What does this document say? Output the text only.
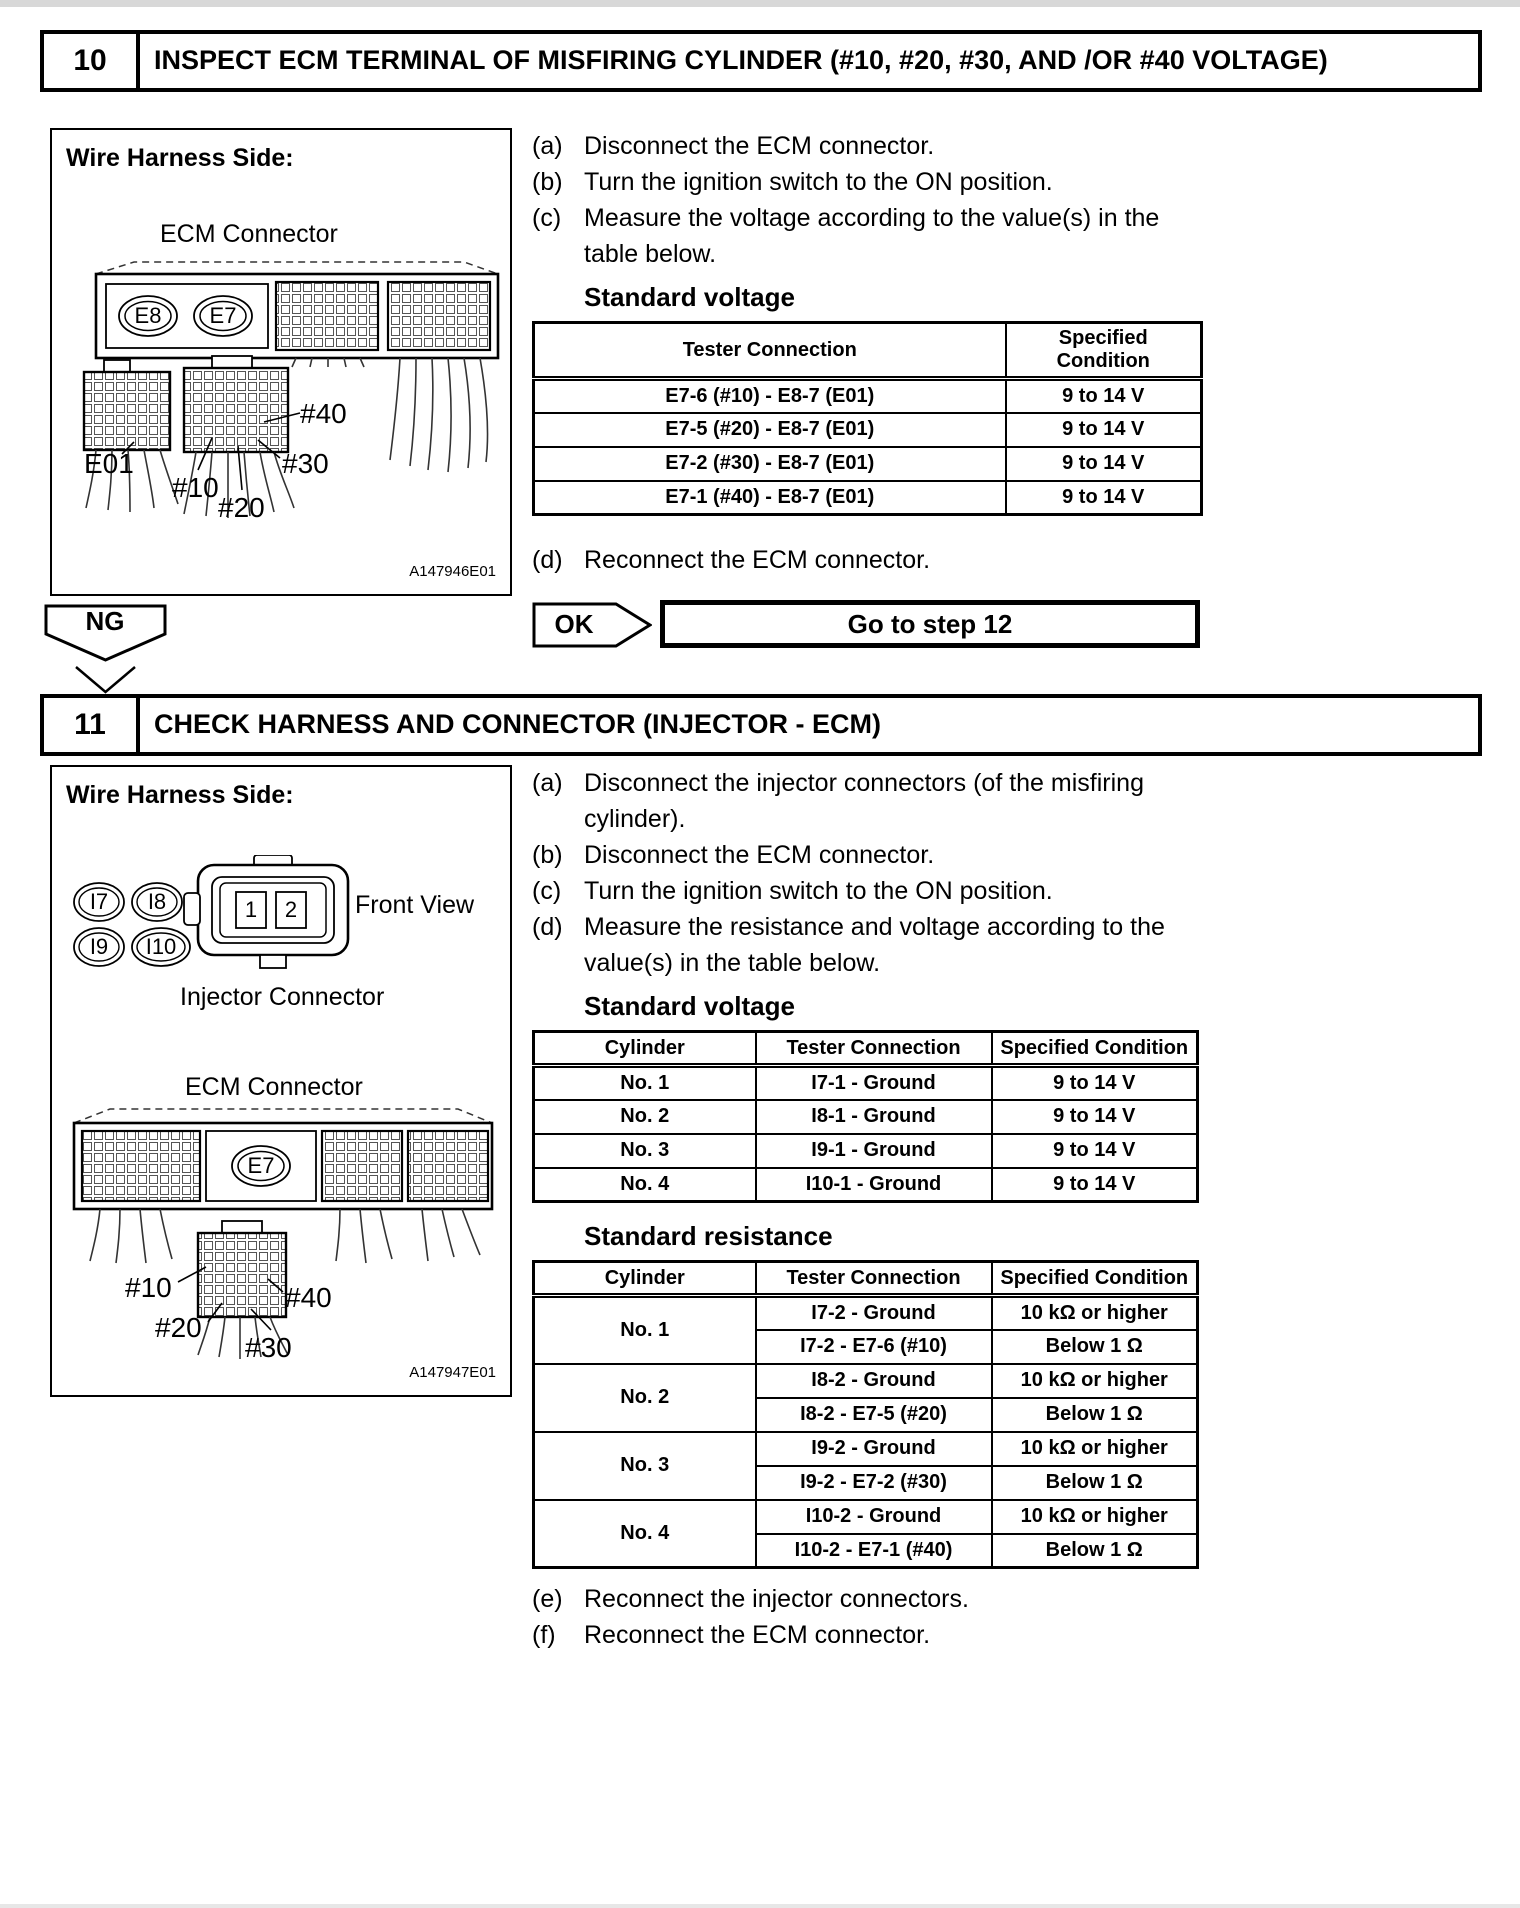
10	INSPECT ECM TERMINAL OF MISFIRING CYLINDER (#10, #20, #30, AND /OR #40 VOLTAGE)
Wire Harness Side:
ECM Connector
E8 E7
#40
#30
#10
#20
E01
A147946E01
(a) Disconnect the ECM connector.
(b) Turn the ignition switch to the ON position.
(c) Measure the voltage according to the value(s) in the table below.
Standard voltage
Tester Connection	Specified Condition
E7-6 (#10) - E8-7 (E01)	9 to 14 V
E7-5 (#20) - E8-7 (E01)	9 to 14 V
E7-2 (#30) - E8-7 (E01)	9 to 14 V
E7-1 (#40) - E8-7 (E01)	9 to 14 V
(d) Reconnect the ECM connector.
OK	Go to step 12
NG
11	CHECK HARNESS AND CONNECTOR (INJECTOR - ECM)
Wire Harness Side:
Injector Connector
ECM Connector
Front View
I7 I8
I9 I10
1 2
E7
#10	#40
#20
#30
A147947E01
(a) Disconnect the injector connectors (of the misfiring cylinder).
(b) Disconnect the ECM connector.
(c) Turn the ignition switch to the ON position.
(d) Measure the resistance and voltage according to the value(s) in the table below.
Standard voltage
Cylinder	Tester Connection	Specified Condition
No. 1	I7-1 - Ground	9 to 14 V
No. 2	I8-1 - Ground	9 to 14 V
No. 3	I9-1 - Ground	9 to 14 V
No. 4	I10-1 - Ground	9 to 14 V
Standard resistance
Cylinder	Tester Connection	Specified Condition
No. 1	I7-2 - Ground	10 kΩ or higher
	I7-2 - E7-6 (#10)	Below 1 Ω
No. 2	I8-2 - Ground	10 kΩ or higher
	I8-2 - E7-5 (#20)	Below 1 Ω
No. 3	I9-2 - Ground	10 kΩ or higher
	I9-2 - E7-2 (#30)	Below 1 Ω
No. 4	I10-2 - Ground	10 kΩ or higher
	I10-2 - E7-1 (#40)	Below 1 Ω
(e) Reconnect the injector connectors.
(f)	Reconnect the ECM connector.
